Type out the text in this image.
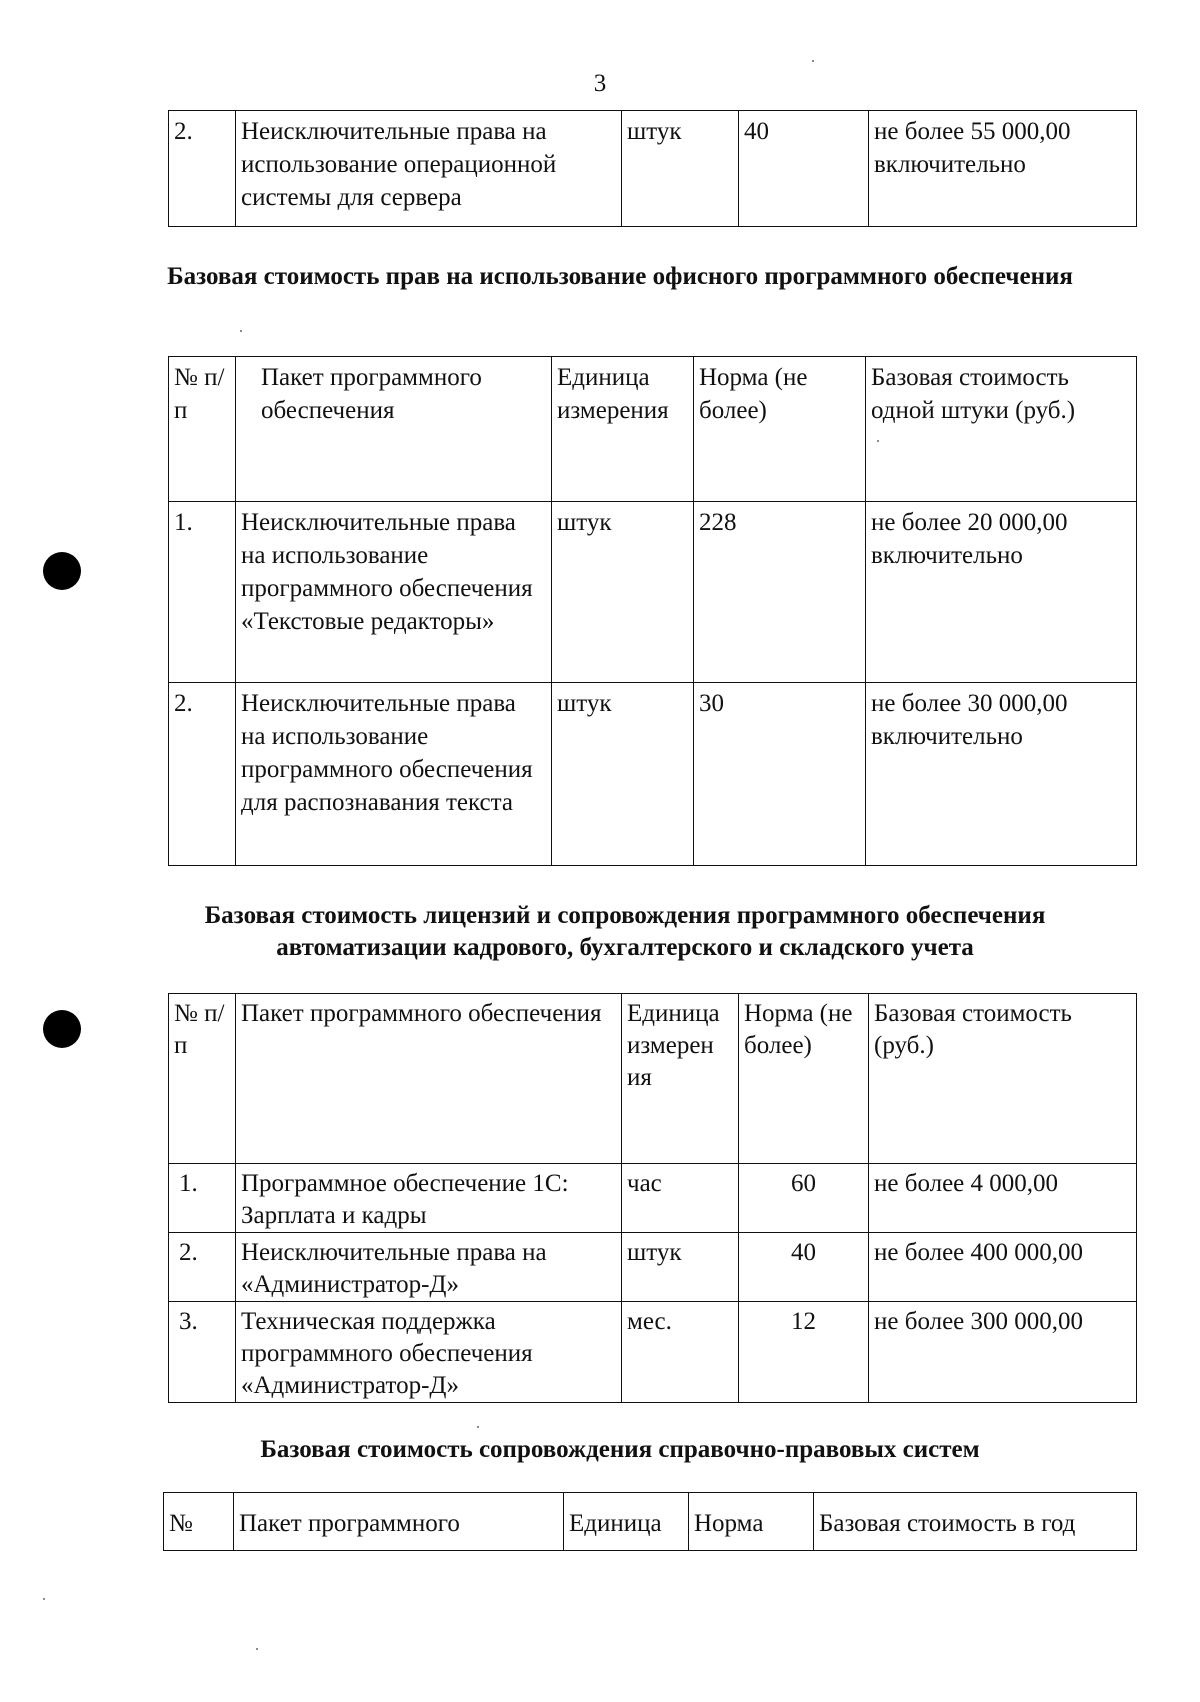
3
2.	Неисключительные права на использование операционной системы для сервера	штук	40	не более 55 000,00 включительно
Базовая стоимость прав на использование офисного программного обеспечения
№ п/п	Пакет программного обеспечения	Единица измерения	Норма (не более)	Базовая стоимость одной штуки (руб.)
1.	Неисключительные права на использование программного обеспечения «Текстовые редакторы»	штук	228	не более 20 000,00 включительно
2.	Неисключительные права на использование программного обеспечения для распознавания текста	штук	30	не более 30 000,00 включительно
Базовая стоимость лицензий и сопровождения программного обеспечения автоматизации кадрового, бухгалтерского и складского учета
№ п/п	Пакет программного обеспечения	Единица измерен ия	Норма (не более)	Базовая стоимость (руб.)
1.	Программное обеспечение 1С: Зарплата и кадры	час	60	не более 4 000,00
2.	Неисключительные права на «Администратор-Д»	штук	40	не более 400 000,00
3.	Техническая поддержка программного обеспечения «Администратор-Д»	мес.	12	не более 300 000,00
Базовая стоимость сопровождения справочно-правовых систем
№	Пакет программного	Единица	Норма	Базовая стоимость в год
